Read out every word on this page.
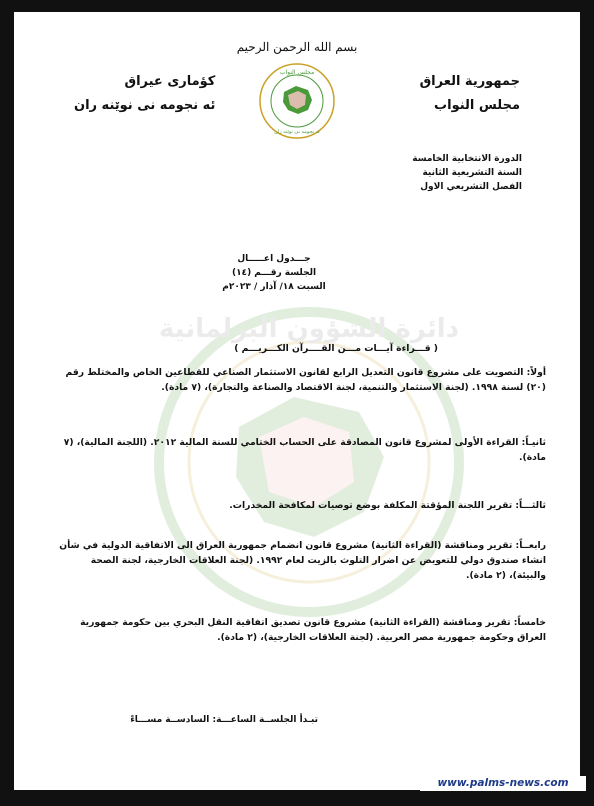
بسم الله الرحمن الرحيم
جمهورية العراق
مجلس النواب
كؤمارى عيراق
ئه نجومه نى نوێنه ران
مجلس النواب
ئه نجومه نى نوێنه ران
الدورة الانتخابية الخامسة
السنة التشريعية الثانية
الفصل التشريعي الاول
جـــدول اعـــــال
الجلسة رقـــم (١٤)
السبت ١٨/ آذار / ٢٠٢٣م
دائرة الشؤون البرلمانية
( قـــراءة آيـــات مـــن القــــرآن الكـــريـــم )
أولاً: التصويت على مشروع قانون التعديل الرابع لقانون الاستثمار الصناعي للقطاعين الخاص والمختلط رقم (٢٠) لسنة ١٩٩٨. (لجنة الاستثمار والتنمية، لجنة الاقتصاد والصناعة والتجارة)، (٧ مادة).
ثانيـاً: القراءة الأولى لمشروع قانون المصادقة على الحساب الختامي للسنة المالية ٢٠١٢. (اللجنة المالية)، (٧ مادة).
ثالثـــاً: تقرير اللجنة المؤقتة المكلفة بوضع توصيات لمكافحة المخدرات.
رابعــاً: تقرير ومناقشة (القراءة الثانية) مشروع قانون انضمام جمهورية العراق الى الاتفاقية الدولية في شأن انشاء صندوق دولي للتعويض عن اضرار التلوث بالزيت لعام ١٩٩٢. (لجنة العلاقات الخارجية، لجنة الصحة والبيئة)، (٢ مادة).
خامساً: تقرير ومناقشة (القراءة الثانية) مشروع قانون تصديق اتفاقية النقل البحري بين حكومة جمهورية العراق وحكومة جمهورية مصر العربية. (لجنة العلاقات الخارجية)، (٢ مادة).
تبـدأ الجلســة الساعـــة: السادســة مســـاءً
www.palms-news.com
